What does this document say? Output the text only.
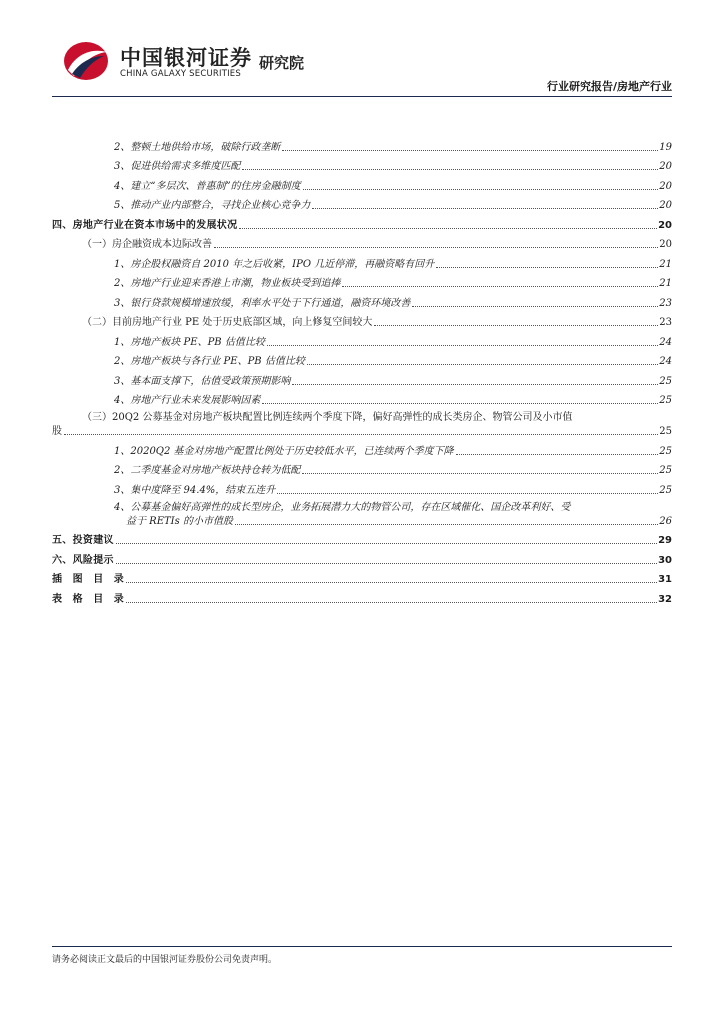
中国银河证券
CHINA GALAXY SECURITIES
研究院
行业研究报告/房地产行业
2、整顿土地供给市场，破除行政垄断	19
3、促进供给需求多维度匹配	20
4、建立“多层次、普惠制”的住房金融制度	20
5、推动产业内部整合，寻找企业核心竞争力	20
四、房地产行业在资本市场中的发展状况	20
（一）房企融资成本边际改善	20
1、房企股权融资自 2010 年之后收紧，IPO 几近停滞，再融资略有回升	21
2、房地产行业迎来香港上市潮，物业板块受到追捧	21
3、银行贷款规模增速放缓，利率水平处于下行通道，融资环境改善	23
（二）目前房地产行业 PE 处于历史底部区域，向上修复空间较大	23
1、房地产板块 PE、PB 估值比较	24
2、房地产板块与各行业 PE、PB 估值比较	24
3、基本面支撑下，估值受政策预期影响	25
4、房地产行业未来发展影响因素	25
（三）20Q2 公募基金对房地产板块配置比例连续两个季度下降，偏好高弹性的成长类房企、物管公司及小市值
股	25
1、2020Q2 基金对房地产配置比例处于历史较低水平，已连续两个季度下降	25
2、二季度基金对房地产板块持仓转为低配	25
3、集中度降至 94.4%，结束五连升	25
4、公募基金偏好高弹性的成长型房企，业务拓展潜力大的物管公司，存在区域催化、国企改革利好、受
益于 RETIs 的小市值股	26
五、投资建议	29
六、风险提示	30
插　图　目　录	31
表　格　目　录	32
请务必阅读正文最后的中国银河证券股份公司免责声明。
